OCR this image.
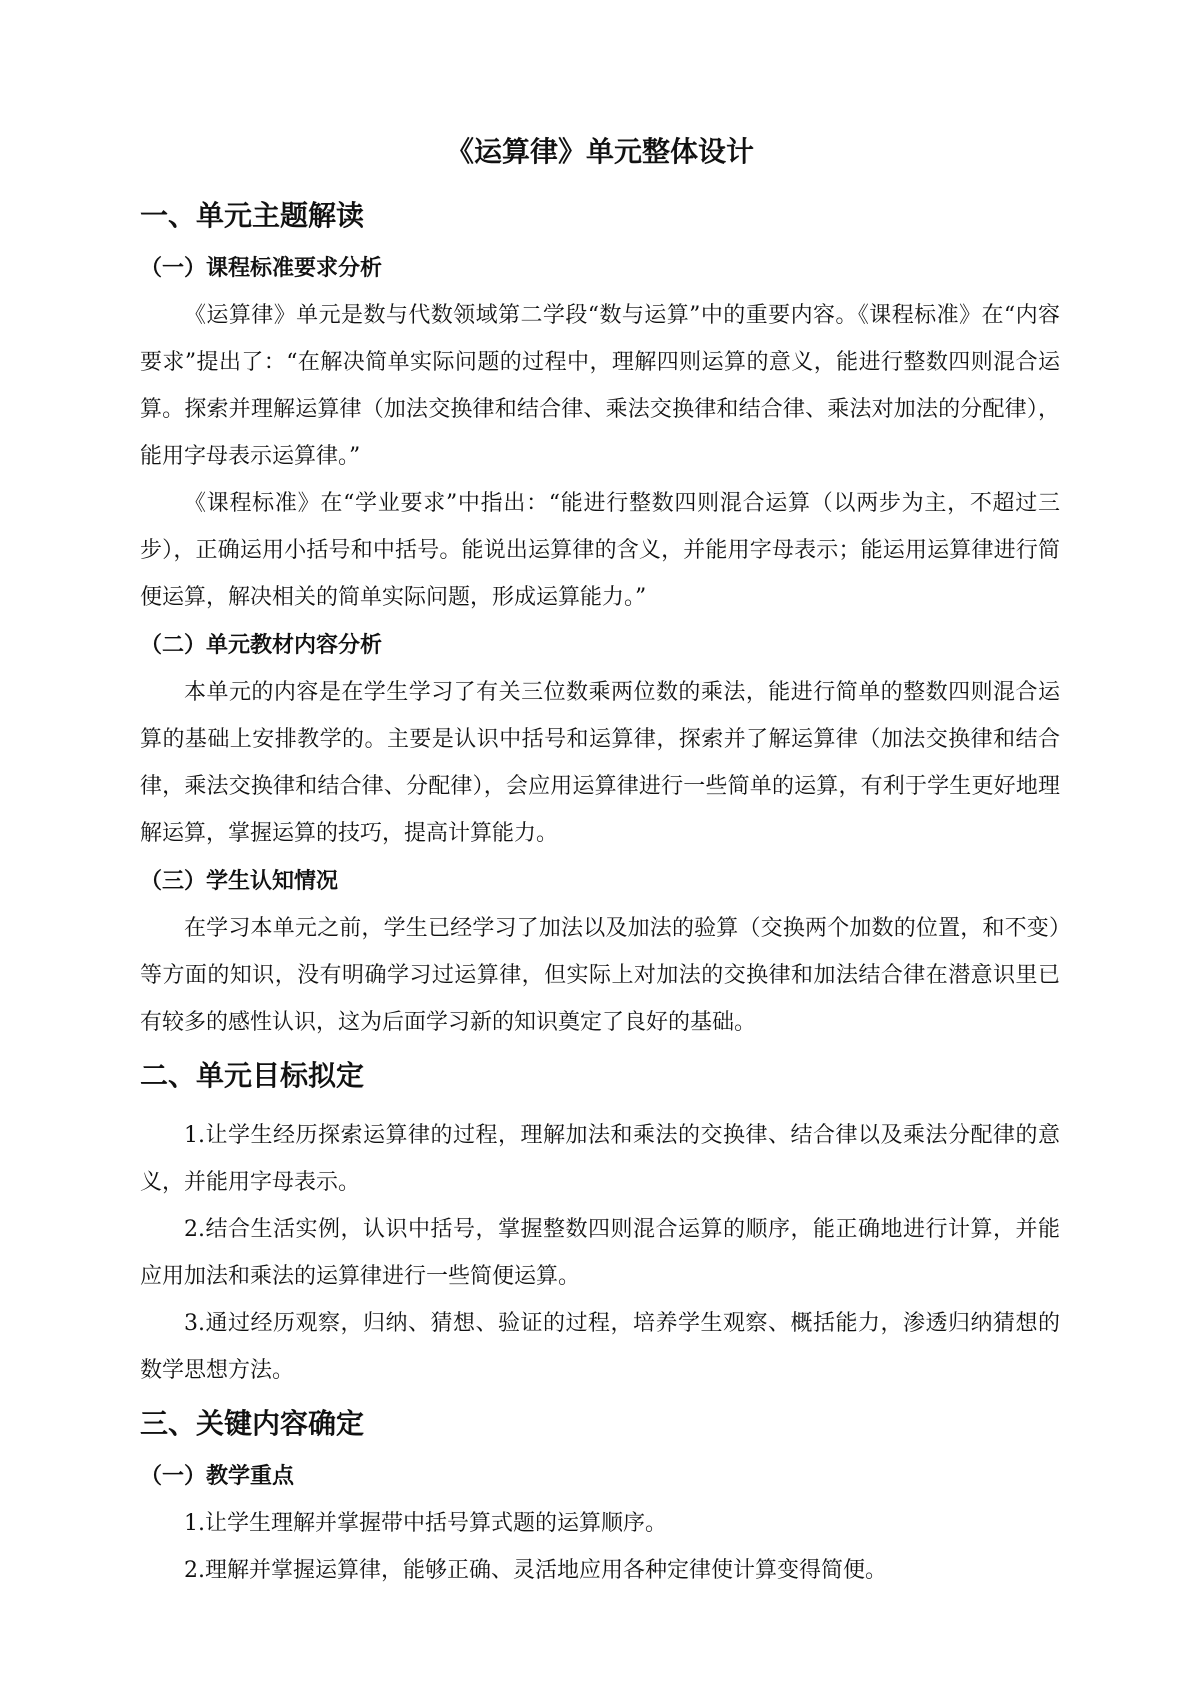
《运算律》单元整体设计
一、单元主题解读
（一）课程标准要求分析

《运算律》单元是数与代数领域第二学段“数与运算”中的重要内容。《课程标准》在“内容要求”提出了：“在解决简单实际问题的过程中，理解四则运算的意义，能进行整数四则混合运算。探索并理解运算律（加法交换律和结合律、乘法交换律和结合律、乘法对加法的分配律），能用字母表示运算律。”

《课程标准》在“学业要求”中指出：“能进行整数四则混合运算（以两步为主，不超过三步），正确运用小括号和中括号。能说出运算律的含义，并能用字母表示；能运用运算律进行简便运算，解决相关的简单实际问题，形成运算能力。”

（二）单元教材内容分析

本单元的内容是在学生学习了有关三位数乘两位数的乘法，能进行简单的整数四则混合运算的基础上安排教学的。主要是认识中括号和运算律，探索并了解运算律（加法交换律和结合律，乘法交换律和结合律、分配律），会应用运算律进行一些简单的运算，有利于学生更好地理解运算，掌握运算的技巧，提高计算能力。

（三）学生认知情况

在学习本单元之前，学生已经学习了加法以及加法的验算（交换两个加数的位置，和不变）等方面的知识，没有明确学习过运算律，但实际上对加法的交换律和加法结合律在潜意识里已有较多的感性认识，这为后面学习新的知识奠定了良好的基础。

二、单元目标拟定

1.让学生经历探索运算律的过程，理解加法和乘法的交换律、结合律以及乘法分配律的意义，并能用字母表示。

2.结合生活实例，认识中括号，掌握整数四则混合运算的顺序，能正确地进行计算，并能应用加法和乘法的运算律进行一些简便运算。

3.通过经历观察，归纳、猜想、验证的过程，培养学生观察、概括能力，渗透归纳猜想的数学思想方法。

三、关键内容确定
（一）教学重点

1.让学生理解并掌握带中括号算式题的运算顺序。

2.理解并掌握运算律，能够正确、灵活地应用各种定律使计算变得简便。
